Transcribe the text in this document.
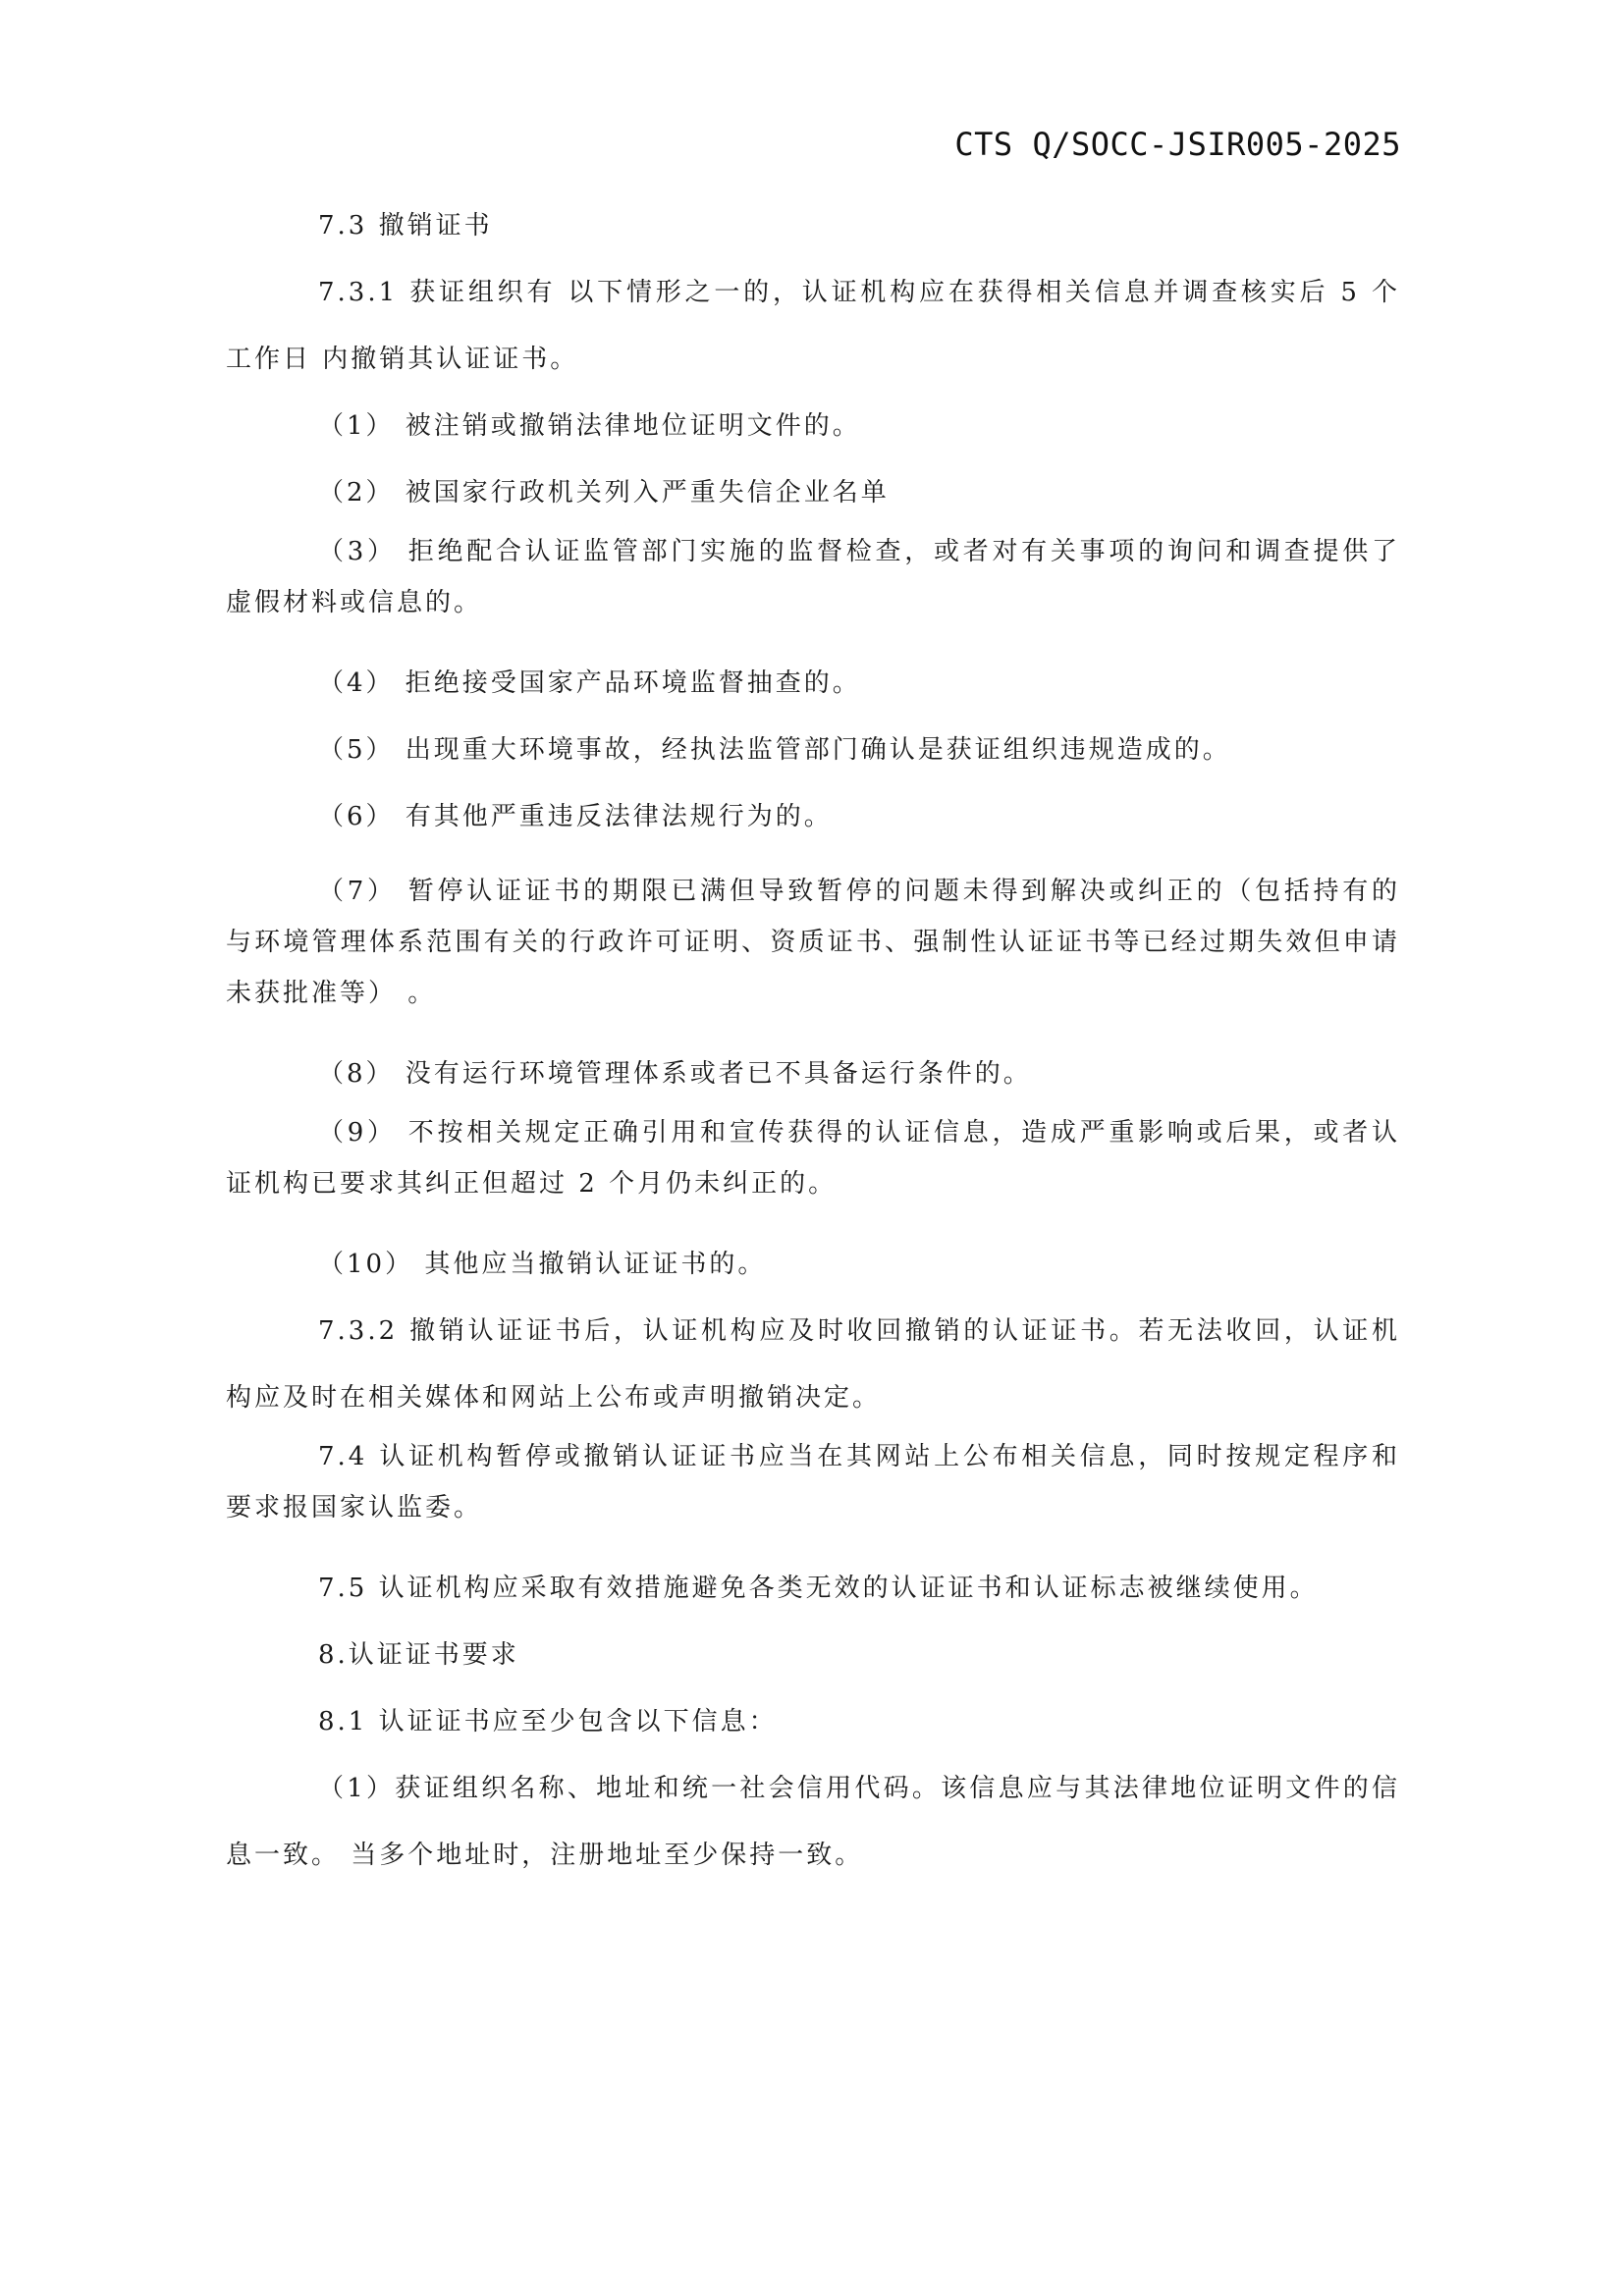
CTS Q/SOCC-JSIR005-2025

7.3 撤销证书

7.3.1 获证组织有 以下情形之一的，认证机构应在获得相关信息并调查核实后 5 个工作日 内撤销其认证证书。

（1） 被注销或撤销法律地位证明文件的。

（2） 被国家行政机关列入严重失信企业名单

（3） 拒绝配合认证监管部门实施的监督检查，或者对有关事项的询问和调查提供了虚假材料或信息的。

（4） 拒绝接受国家产品环境监督抽查的。

（5） 出现重大环境事故，经执法监管部门确认是获证组织违规造成的。

（6） 有其他严重违反法律法规行为的。

（7） 暂停认证证书的期限已满但导致暂停的问题未得到解决或纠正的（包括持有的与环境管理体系范围有关的行政许可证明、资质证书、强制性认证证书等已经过期失效但申请未获批准等） 。

（8） 没有运行环境管理体系或者已不具备运行条件的。

（9） 不按相关规定正确引用和宣传获得的认证信息，造成严重影响或后果，或者认证机构已要求其纠正但超过 2 个月仍未纠正的。

（10） 其他应当撤销认证证书的。

7.3.2 撤销认证证书后，认证机构应及时收回撤销的认证证书。若无法收回，认证机构应及时在相关媒体和网站上公布或声明撤销决定。

7.4 认证机构暂停或撤销认证证书应当在其网站上公布相关信息，同时按规定程序和要求报国家认监委。

7.5 认证机构应采取有效措施避免各类无效的认证证书和认证标志被继续使用。

8.认证证书要求

8.1 认证证书应至少包含以下信息：

（1）获证组织名称、地址和统一社会信用代码。该信息应与其法律地位证明文件的信息一致。 当多个地址时，注册地址至少保持一致。
